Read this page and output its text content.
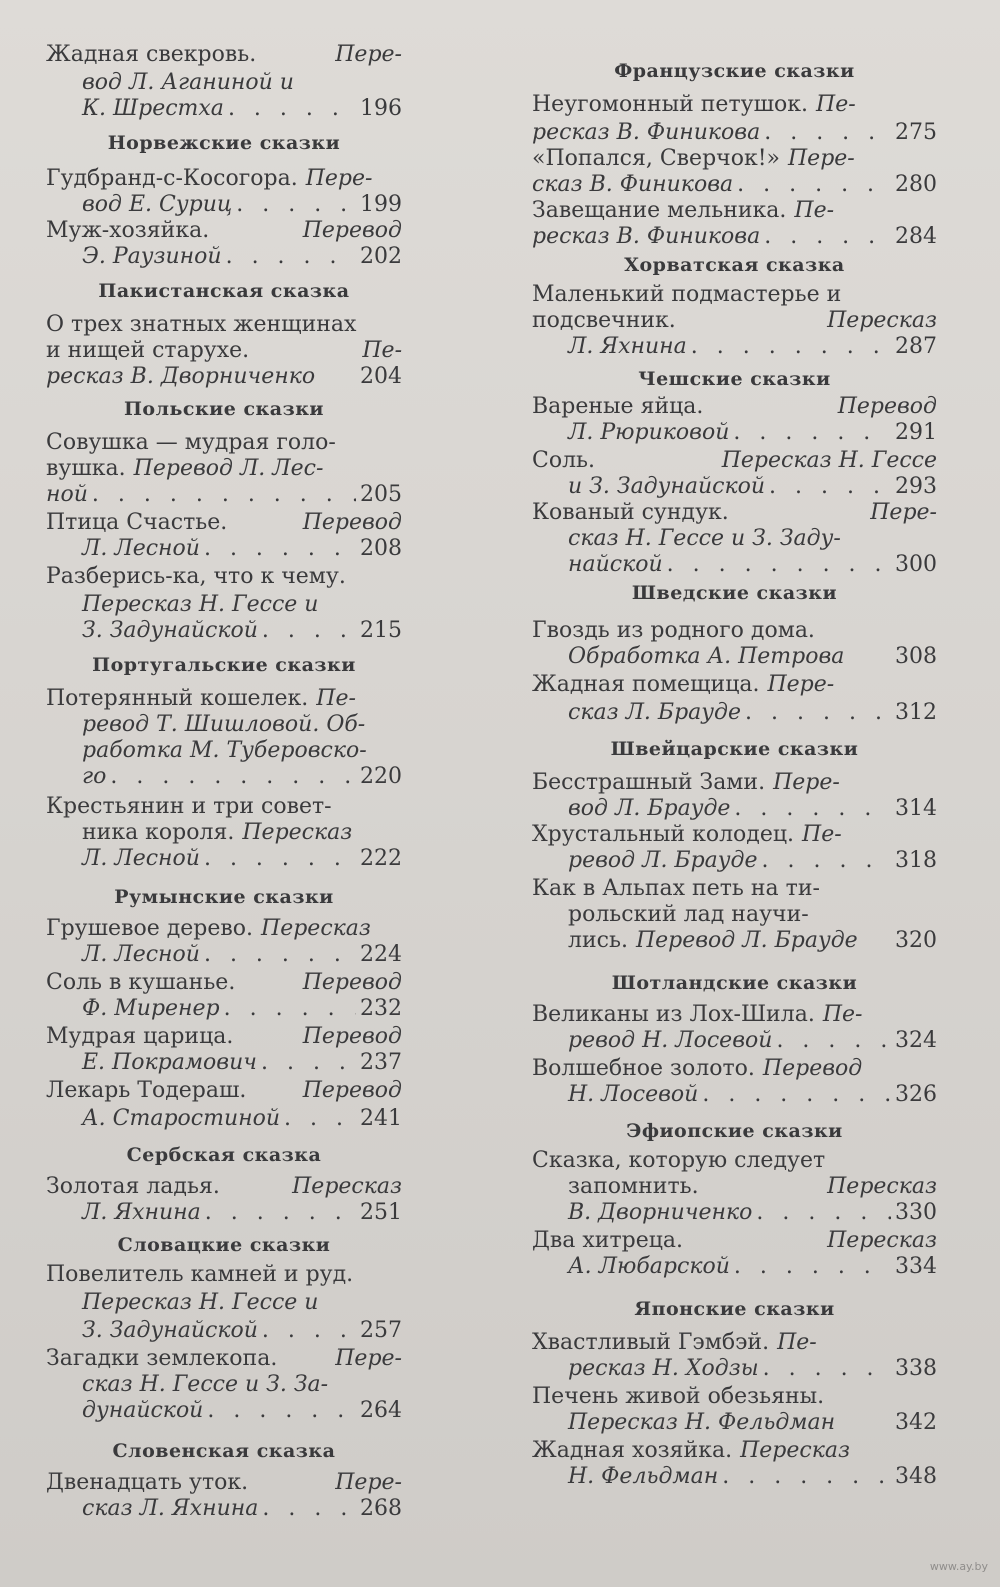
Жадная свекровь.	Пере-
вод Л. Аганиной и
К. Шрестха . . .	196
Норвежские сказки
Гудбранд-с-Косогора. Пере-
вод Е. Суриц . . .	199
Муж-хозяйка.	Перевод
Э. Раузиной . . .	202
Пакистанская сказка
О трех знатных женщинах
и нищей старухе.	Пе-
ресказ В. Дворниченко 204
Польские сказки
Совушка — мудрая голо-
вушка. Перевод Л. Лес-
ной . . .	205
Птица Счастье.	Перевод
Л. Лесной . . .	208
Разберись-ка, что к чему.
Пересказ Н. Гессе и
З. Задунайской . . .	215
Португальские сказки
Потерянный кошелек. Пе-
ревод Т. Шишловой. Об-
работка М. Туберовско-
го . . .	220
Крестьянин и три совет-
ника короля. Пересказ
Л. Лесной . . .	222
Румынские сказки
Грушевое дерево. Пересказ
Л. Лесной . . .	224
Соль в кушанье.	Перевод
Ф. Миренер . . .	232
Мудрая царица.	Перевод
Е. Покрамович . . .	237
Лекарь Тодераш.	Перевод
А. Старостиной . . .	241
Сербская сказка
Золотая ладья.	Пересказ
Л. Яхнина . . .	251
Словацкие сказки
Повелитель камней и руд.
Пересказ Н. Гессе и
З. Задунайской . . .	257
Загадки землекопа.	Пере-
сказ Н. Гессе и З. За-
дунайской . . .	264
Словенская сказка
Двенадцать уток.	Пере-
сказ Л. Яхнина . . .	268
Французские сказки
Неугомонный петушок. Пе-
ресказ В. Финикова . . .	275
«Попался, Сверчок!» Пере-
сказ В. Финикова . . .	280
Завещание мельника. Пе-
ресказ В. Финикова . . .	284
Хорватская сказка
Маленький подмастерье и
подсвечник.	Пересказ
Л. Яхнина . . .	287
Чешские сказки
Вареные яйца.	Перевод
Л. Рюриковой . . .	291
Соль.	Пересказ Н. Гессе
и З. Задунайской . . .	293
Кованый сундук.	Пере-
сказ Н. Гессе и З. Заду-
найской . . .	300
Шведские сказки
Гвоздь из родного дома.
Обработка А. Петрова 308
Жадная помещица. Пере-
сказ Л. Брауде . . .	312
Швейцарские сказки
Бесстрашный Зами. Пере-
вод Л. Брауде . . .	314
Хрустальный колодец. Пе-
ревод Л. Брауде . . .	318
Как в Альпах петь на ти-
рольский лад научи-
лись. Перевод Л. Брауде 320
Шотландские сказки
Великаны из Лох-Шила. Пе-
ревод Н. Лосевой . . .	324
Волшебное золото. Перевод
Н. Лосевой . . .	326
Эфиопские сказки
Сказка, которую следует
запомнить.	Пересказ
В. Дворниченко . . .	330
Два хитреца.	Пересказ
А. Любарской . . .	334
Японские сказки
Хвастливый Гэмбэй. Пе-
ресказ Н. Ходзы . . .	338
Печень живой обезьяны.
Пересказ Н. Фельдман	342
Жадная хозяйка. Пересказ
Н. Фельдман . . .	348
www.ay.by
